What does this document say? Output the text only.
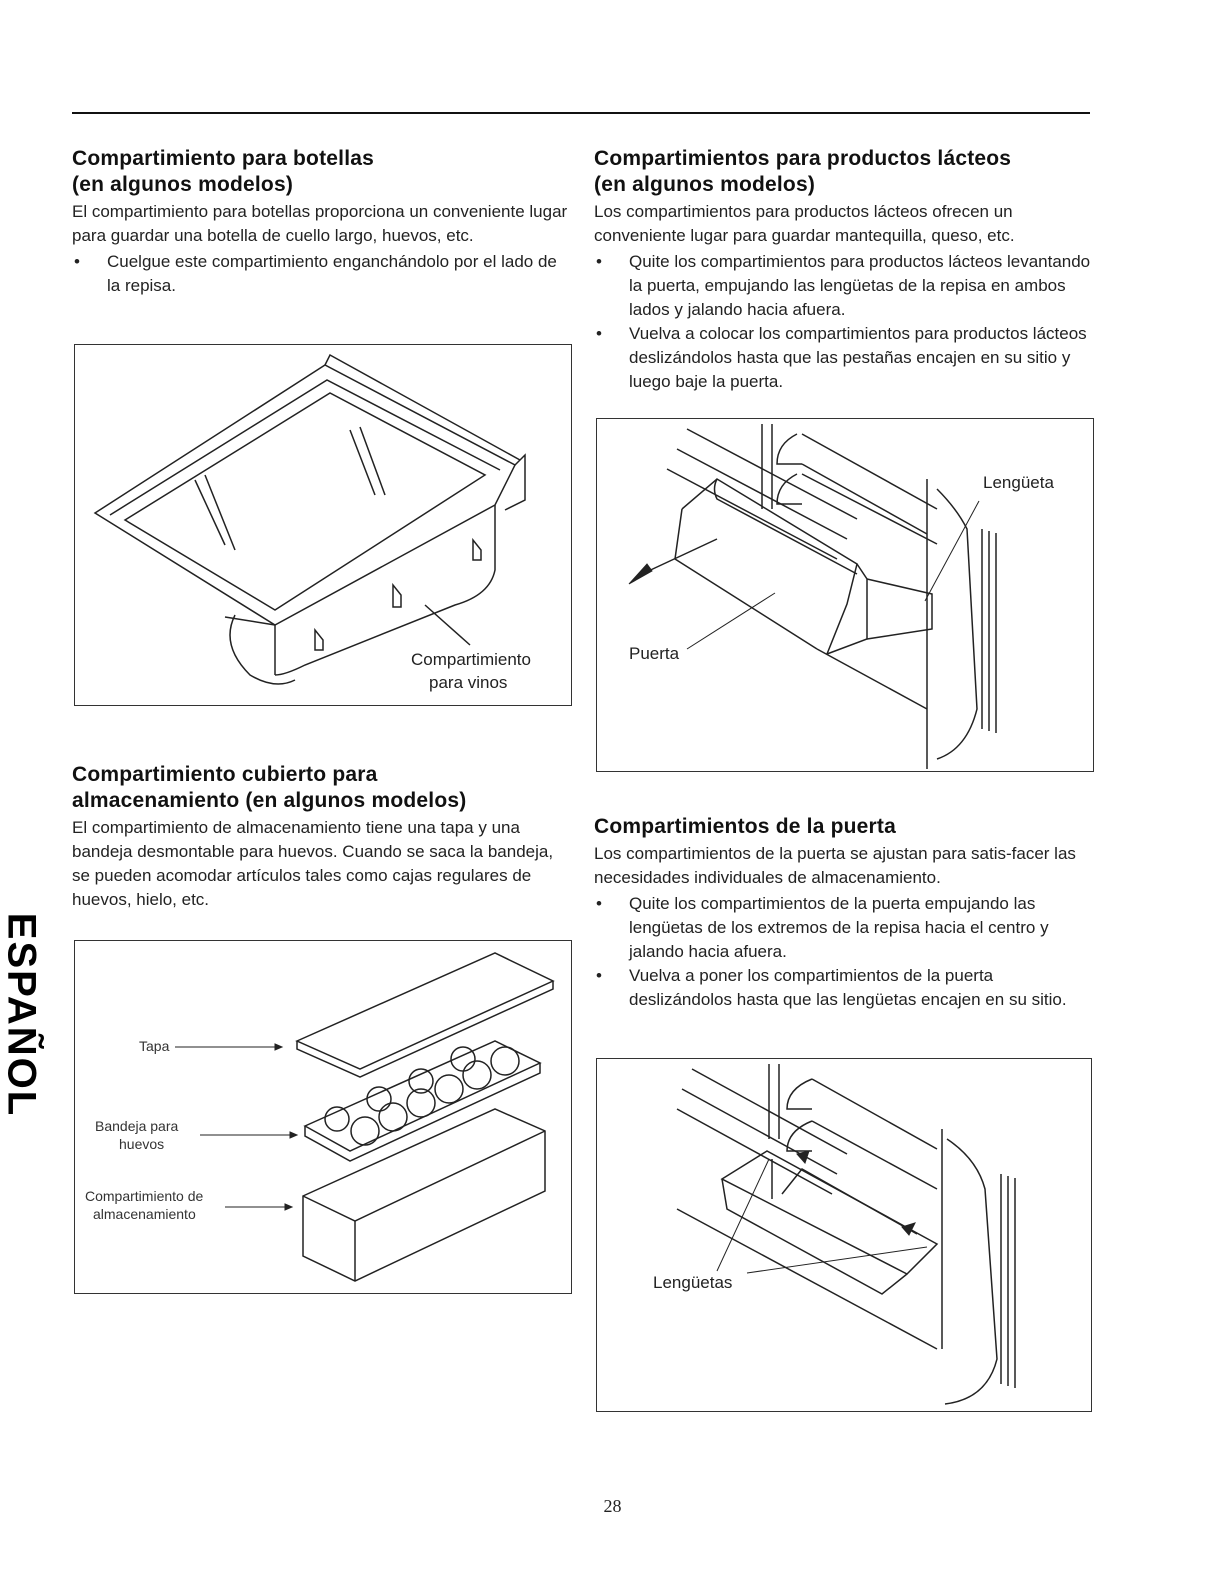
Compartimiento para botellas
(en algunos modelos)

El compartimiento para botellas proporciona un conveniente lugar para guardar una botella de cuello largo, huevos, etc.

• Cuelgue este compartimiento enganchándolo por el lado de la repisa.
Compartimiento
para vinos
Compartimiento cubierto para
almacenamiento (en algunos modelos)

El compartimiento de almacenamiento tiene una tapa y una bandeja desmontable para huevos. Cuando se saca la bandeja, se pueden acomodar artículos tales como cajas regulares de huevos, hielo, etc.

Tapa
Bandeja para
huevos
Compartimiento de
almacenamiento
Compartimientos para productos lácteos
(en algunos modelos)

Los compartimientos para productos lácteos ofrecen un conveniente lugar para guardar mantequilla, queso, etc.

• Quite los compartimientos para productos lácteos levantando la puerta, empujando las lengüetas de la repisa en ambos lados y jalando hacia afuera.
• Vuelva a colocar los compartimientos para productos lácteos deslizándolos hasta que las pestañas encajen en su sitio y luego baje la puerta.
Lengüeta
Puerta
Compartimientos de la puerta

Los compartimientos de la puerta se ajustan para satis-facer las necesidades individuales de almacenamiento.

• Quite los compartimientos de la puerta empujando las lengüetas de los extremos de la repisa hacia el centro y jalando hacia afuera.
• Vuelva a poner los compartimientos de la puerta deslizándolos hasta que las lengüetas encajen en su sitio.
Lengüetas
ESPAÑOL
28
